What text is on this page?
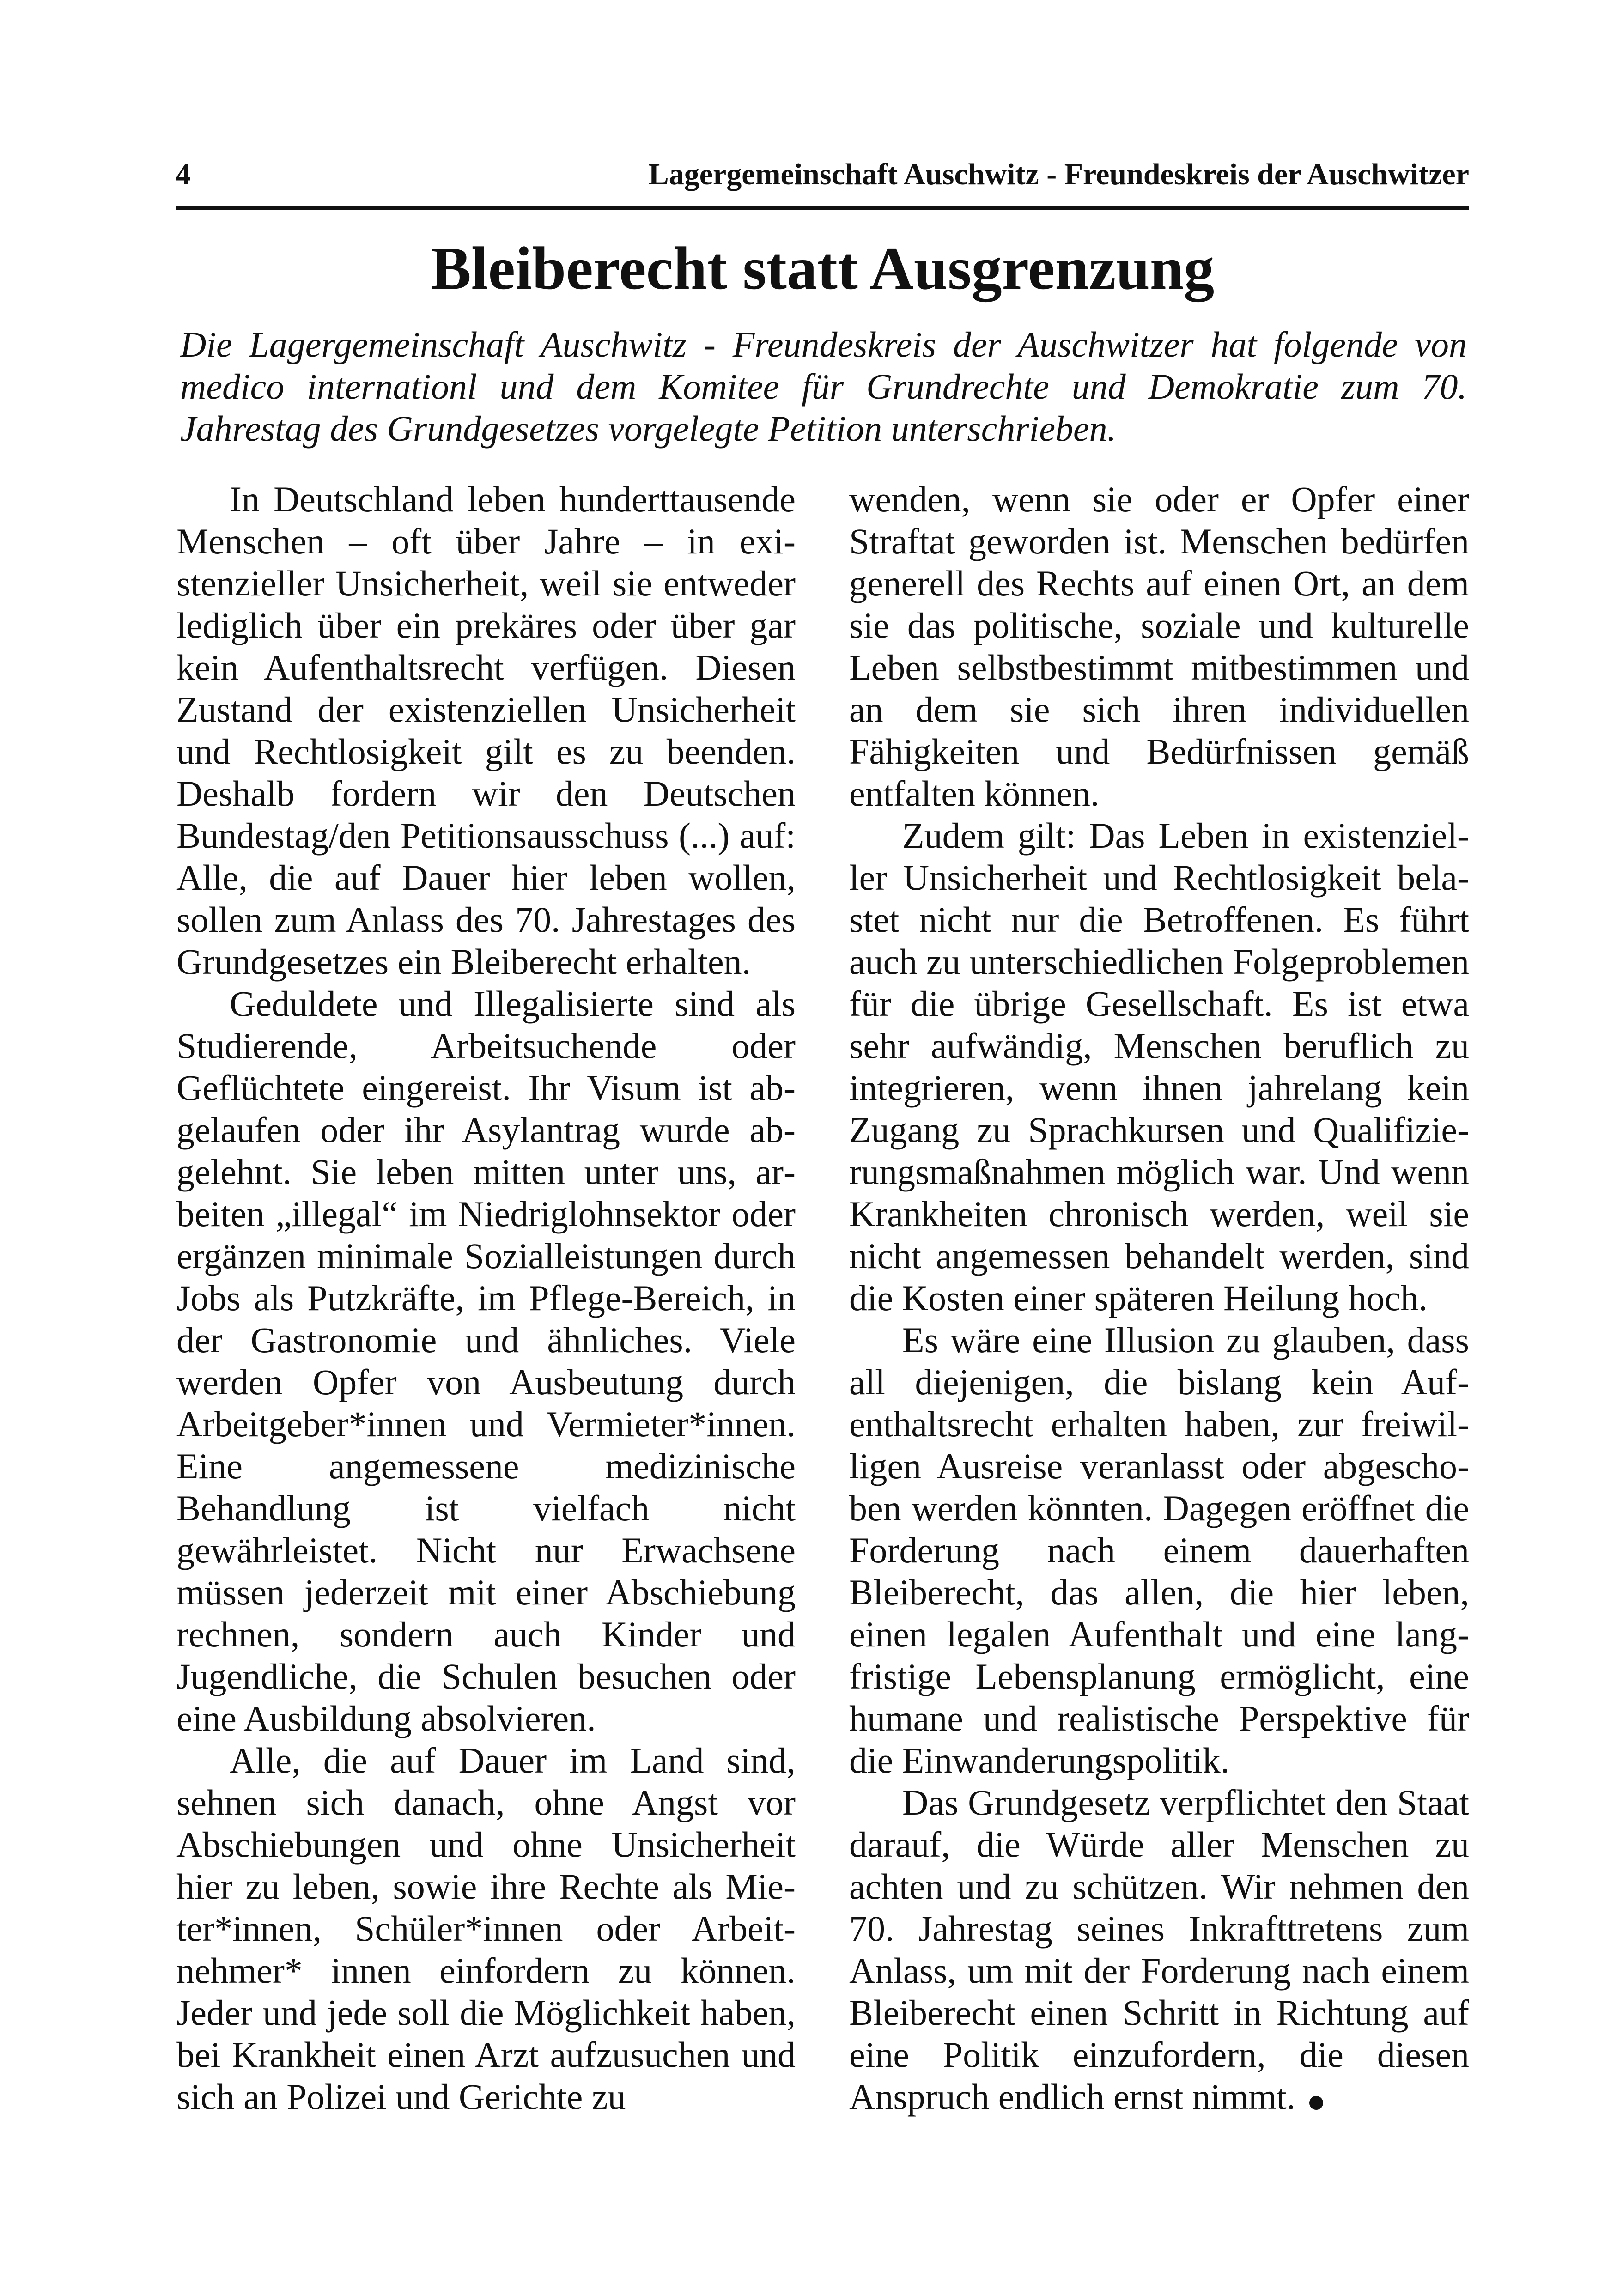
4	Lagergemeinschaft Auschwitz - Freundeskreis der Auschwitzer
Bleiberecht statt Ausgrenzung

Die Lagergemeinschaft Auschwitz - Freundeskreis der Auschwitzer hat folgende von medico internationl und dem Komitee für Grundrechte und Demokratie zum 70. Jahrestag des Grundgesetzes vorgelegte Petition unterschrieben.

In Deutschland leben hunderttausende Menschen – oft über Jahre – in existenzieller Unsicherheit, weil sie entweder lediglich über ein prekäres oder über gar kein Aufenthaltsrecht verfügen. Diesen Zustand der existenziellen Unsicherheit und Rechtlosigkeit gilt es zu beenden. Deshalb fordern wir den Deutschen Bundestag/den Petitionsausschuss (...) auf: Alle, die auf Dauer hier leben wollen, sollen zum Anlass des 70. Jahrestages des Grundgesetzes ein Bleiberecht erhalten.

Geduldete und Illegalisierte sind als Studierende, Arbeitsuchende oder Geflüchtete eingereist. Ihr Visum ist abgelaufen oder ihr Asylantrag wurde abgelehnt. Sie leben mitten unter uns, arbeiten „illegal“ im Niedriglohnsektor oder ergänzen minimale Sozialleistungen durch Jobs als Putzkräfte, im Pflege-Bereich, in der Gastronomie und ähnliches. Viele werden Opfer von Ausbeutung durch Arbeitgeber*innen und Vermieter*innen. Eine angemessene medizinische Behandlung ist vielfach nicht gewährleistet. Nicht nur Erwachsene müssen jederzeit mit einer Abschiebung rechnen, sondern auch Kinder und Jugendliche, die Schulen besuchen oder eine Ausbildung absolvieren.

Alle, die auf Dauer im Land sind, sehnen sich danach, ohne Angst vor Abschiebungen und ohne Unsicherheit hier zu leben, sowie ihre Rechte als Mieter*innen, Schüler*innen oder Arbeitnehmer* innen einfordern zu können. Jeder und jede soll die Möglichkeit haben, bei Krankheit einen Arzt aufzusuchen und sich an Polizei und Gerichte zu

wenden, wenn sie oder er Opfer einer Straftat geworden ist. Menschen bedürfen generell des Rechts auf einen Ort, an dem sie das politische, soziale und kulturelle Leben selbstbestimmt mitbestimmen und an dem sie sich ihren individuellen Fähigkeiten und Bedürfnissen gemäß entfalten können.

Zudem gilt: Das Leben in existenzieller Unsicherheit und Rechtlosigkeit belastet nicht nur die Betroffenen. Es führt auch zu unterschiedlichen Folgeproblemen für die übrige Gesellschaft. Es ist etwa sehr aufwändig, Menschen beruflich zu integrieren, wenn ihnen jahrelang kein Zugang zu Sprachkursen und Qualifizierungsmaßnahmen möglich war. Und wenn Krankheiten chronisch werden, weil sie nicht angemessen behandelt werden, sind die Kosten einer späteren Heilung hoch.

Es wäre eine Illusion zu glauben, dass all diejenigen, die bislang kein Aufenthaltsrecht erhalten haben, zur freiwilligen Ausreise veranlasst oder abgeschoben werden könnten. Dagegen eröffnet die Forderung nach einem dauerhaften Bleiberecht, das allen, die hier leben, einen legalen Aufenthalt und eine langfristige Lebensplanung ermöglicht, eine humane und realistische Perspektive für die Einwanderungspolitik.

Das Grundgesetz verpflichtet den Staat darauf, die Würde aller Menschen zu achten und zu schützen. Wir nehmen den 70. Jahrestag seines Inkrafttretens zum Anlass, um mit der Forderung nach einem Bleiberecht einen Schritt in Richtung auf eine Politik einzufordern, die diesen Anspruch endlich ernst nimmt.
